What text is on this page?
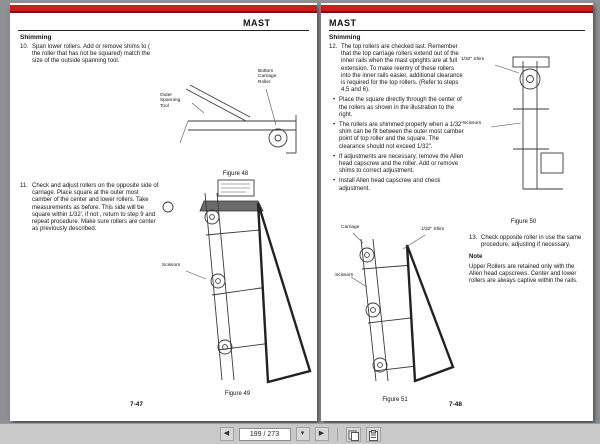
MAST
Shimming
10. Span lower rollers. Add or remove shims to ( the roller that has not be squared) match the size of the outside spanning tool.
Outer Spanning Tool
Bottom Carriage Roller
Figure 48
11. Check and adjust rollers on the opposite side of carriage. Place square at the outer most camber of the center and lower rollers. Take measurements as before. This side will be square within 1/32', if not , return to step 9 and repeat procedure. Make sure rollers are center as previously described.
Scissors
Figure 49
7-47
MAST
Shimming
12. The top rollers are checked last. Remember that the top carriage rollers extend out of the inner rails when the mast uprights are at full extension. To make reentry of these rollers into the inner rails easier, additional clearance is required for the top rollers. (Refer to steps 4,5 and 6).
• Place the square directly through the center of the rollers as shown in the illustration to the right.
• The rollers are shimmed properly when a 1/32" shim can be fit between the outer most camber point of top roller and the square. The clearance should not exceed 1/32".
• If adjustments are necessary, remove the Allen head capscrew and the roller. Add or remove shims to correct adjustment.
• Install Allen head capscrew and check adjustment.
1/32" Shim
Scissors
Figure 50
13. Check opposite roller in use the same procedure, adjusting if necessary.
Note
Upper Rollers are retained only with the Allen head capscrews. Center and lower rollers are always captive within the rails.
Carriage	1/32" Shim
Scissors
Figure 51
7-48
◀	199 / 273	▾	▶
